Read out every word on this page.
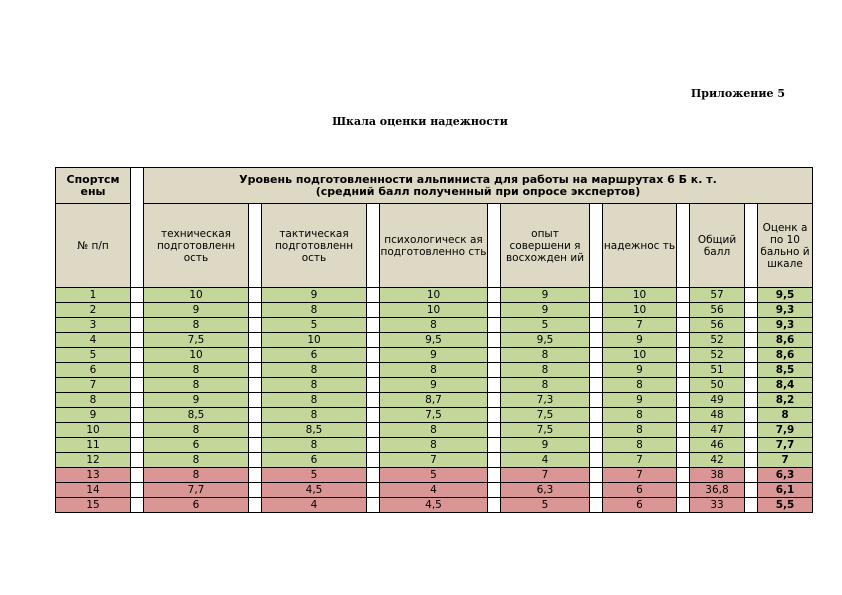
Приложение 5
Шкала оценки надежности
Спортсм ены		Уровень подготовленности альпиниста для работы на маршрутах 6 Б к. т.
(средний балл полученный при опросе экспертов)												

№ п/п		техническая подготовленн ость		тактическая подготовленн ость		психологическ ая подготовленно сть		опыт совершени я восхожден ий		надежнос ть		Общий балл		Оценк а по 10 бально й шкале
1		10		9		10		9		10		57		9,5
2		9		8		10		9		10		56		9,3
3		8		5		8		5		7		56		9,3
4		7,5		10		9,5		9,5		9		52		8,6
5		10		6		9		8		10		52		8,6
6		8		8		8		8		9		51		8,5
7		8		8		9		8		8		50		8,4
8		9		8		8,7		7,3		9		49		8,2
9		8,5		8		7,5		7,5		8		48		8
10		8		8,5		8		7,5		8		47		7,9
11		6		8		8		9		8		46		7,7
12		8		6		7		4		7		42		7
13		8		5		5		7		7		38		6,3
14		7,7		4,5		4		6,3		6		36,8		6,1
15		6		4		4,5		5		6		33		5,5
